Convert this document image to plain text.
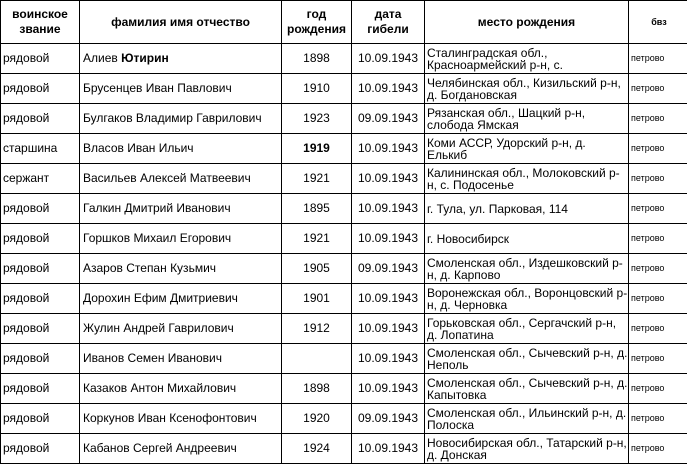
воинское звание	фамилия имя отчество	год рождения	дата гибели	место рождения	бвз
рядовой	Алиев Ютирин	1898	10.09.1943	Сталинградская обл., Красноармейский р-н, с.	петрово
рядовой	Брусенцев Иван Павлович	1910	10.09.1943	Челябинская обл., Кизильский р-н, д. Богдановская	петрово
рядовой	Булгаков Владимир Гаврилович	1923	09.09.1943	Рязанская обл., Шацкий р-н, слобода Ямская	петрово
старшина	Власов Иван Ильич	1919	10.09.1943	Коми АССР, Удорский р-н, д. Елькиб	петрово
сержант	Васильев Алексей Матвеевич	1921	10.09.1943	Калининская обл., Молоковский р-н, с. Подосенье	петрово
рядовой	Галкин Дмитрий Иванович	1895	10.09.1943	г. Тула, ул. Парковая, 114	петрово
рядовой	Горшков Михаил Егорович	1921	10.09.1943	г. Новосибирск	петрово
рядовой	Азаров Степан Кузьмич	1905	09.09.1943	Смоленская обл., Издешковский р-н, д. Карпово	петрово
рядовой	Дорохин Ефим Дмитриевич	1901	10.09.1943	Воронежская обл., Воронцовский р-н, д. Черновка	петрово
рядовой	Жулин Андрей Гаврилович	1912	10.09.1943	Горьковская обл., Сергачский р-н, д. Лопатина	петрово
рядовой	Иванов Семен Иванович		10.09.1943	Смоленская обл., Сычевский р-н, д. Неполь	петрово
рядовой	Казаков Антон Михайлович	1898	10.09.1943	Смоленская обл., Сычевский р-н, д. Капытовка	петрово
рядовой	Коркунов Иван Ксенофонтович	1920	09.09.1943	Смоленская обл., Ильинский р-н, д. Полоска	петрово
рядовой	Кабанов Сергей Андреевич	1924	10.09.1943	Новосибирская обл., Татарский р-н, д. Донская	петрово
